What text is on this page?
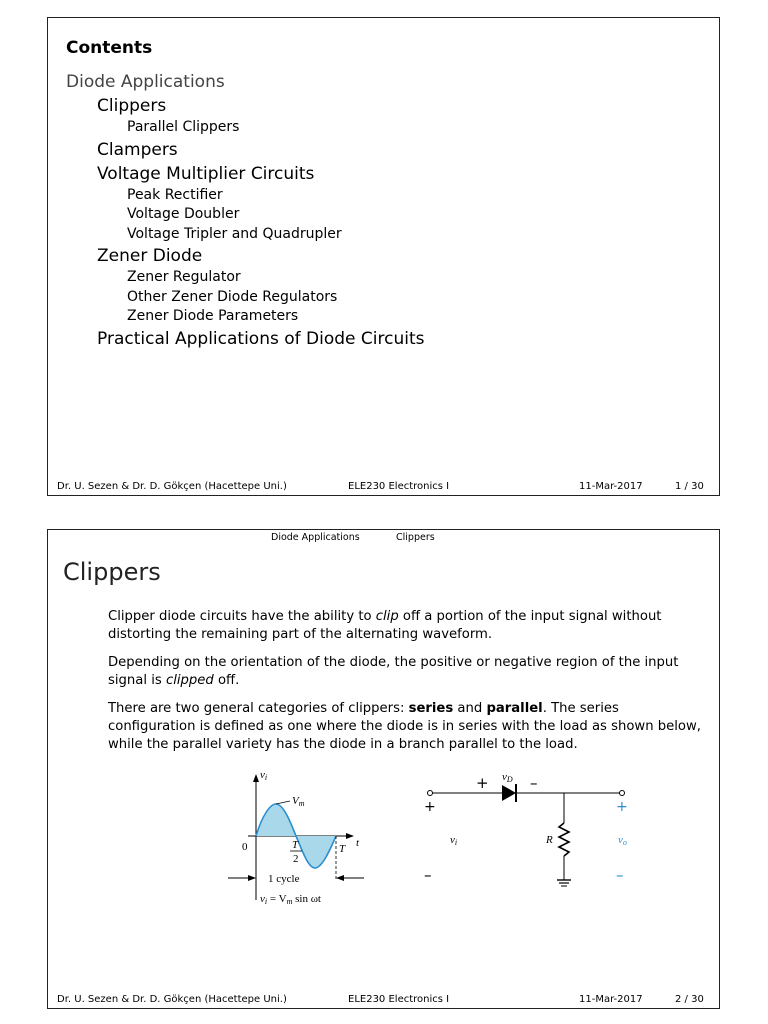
Contents
Diode Applications
Clippers
Parallel Clippers
Clampers
Voltage Multiplier Circuits
Peak Rectifier
Voltage Doubler
Voltage Tripler and Quadrupler
Zener Diode
Zener Regulator
Other Zener Diode Regulators
Zener Diode Parameters
Practical Applications of Diode Circuits
Dr. U. Sezen & Dr. D. Gökçen (Hacettepe Uni.)	ELE230 Electronics I	11-Mar-2017	1 / 30
Diode Applications	Clippers
Clippers

Clipper diode circuits have the ability to clip off a portion of the input signal without distorting the remaining part of the alternating waveform.

Depending on the orientation of the diode, the positive or negative region of the input signal is clipped off.

There are two general categories of clippers: series and parallel. The series configuration is defined as one where the diode is in series with the load as shown below, while the parallel variety has the diode in a branch parallel to the load.

vi
Vm
0	T
2
T t
1 cycle
vi = Vm sin ωt
+	–
vD
+
vi
–
R
+
vo
–
Dr. U. Sezen & Dr. D. Gökçen (Hacettepe Uni.)	ELE230 Electronics I	11-Mar-2017	2 / 30
